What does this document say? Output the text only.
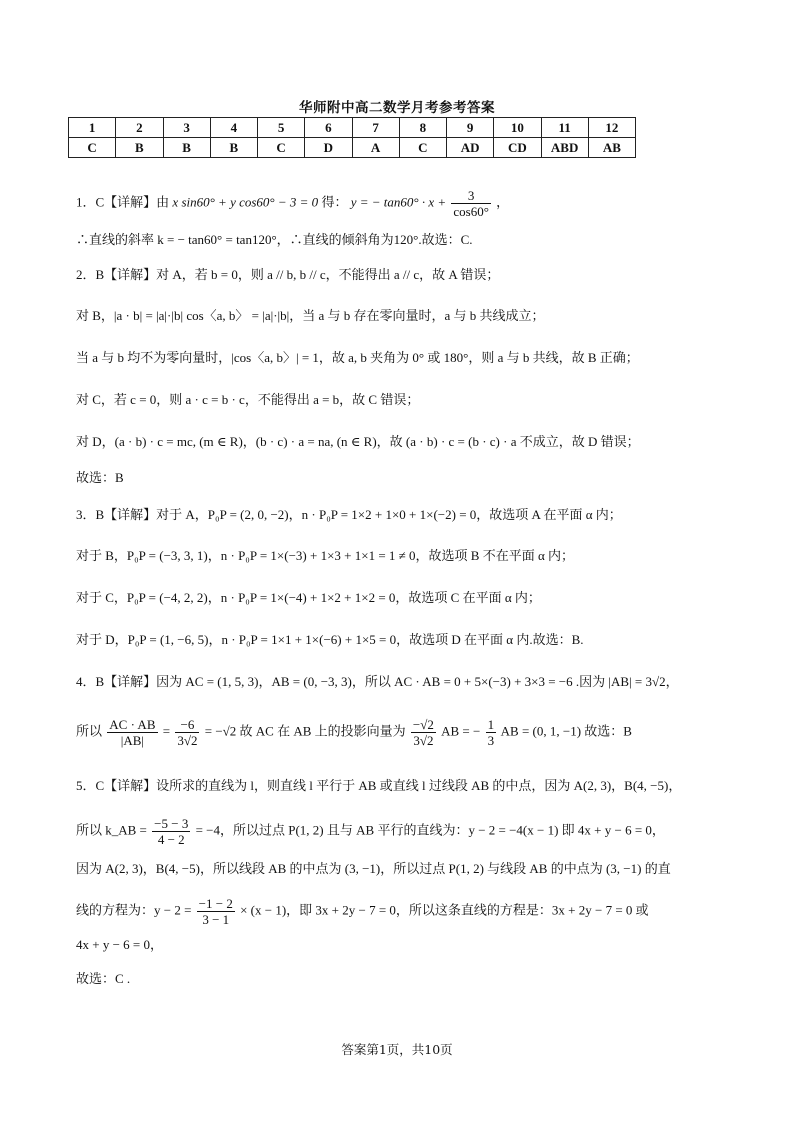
华师附中高二数学月考参考答案
1	2	3	4	5	6	7	8	9	10	11	12
C	B	B	B	C	D	A	C	AD	CD	ABD	AB
1．C【详解】由 x sin60° + y cos60° − 3 = 0 得： y = − $\tan 60^\circ \cdot x + \frac{3}{\cos 60^\circ}$ ，
∴直线的斜率 k = − tan60° = tan120°，∴直线的倾斜角为120°.故选：C.
2．B【详解】对 A，若 b = 0，则 a // b, b // c，不能得出 a // c，故 A 错误；
对 B，|a · b| = |a|·|b| cos〈a, b〉 = |a|·|b|，当 a 与 b 存在零向量时，a 与 b 共线成立；
当 a 与 b 均不为零向量时，|cos〈a, b〉| = 1，故 a, b 夹角为 0° 或 180°，则 a 与 b 共线，故 B 正确；
对 C，若 c = 0，则 a · c = b · c，不能得出 a = b，故 C 错误；
对 D，(a · b) · c = mc, (m ∈ R)，(b · c) · a = na, (n ∈ R)，故 (a · b) · c = (b · c) · a 不成立，故 D 错误；
故选：B
3．B【详解】对于 A，P₀P = (2, 0, −2)，n · P₀P = 1×2 + 1×0 + 1×(−2) = 0，故选项 A 在平面 α 内；
对于 B，P₀P = (−3, 3, 1)，n · P₀P = 1×(−3) + 1×3 + 1×1 = 1 ≠ 0，故选项 B 不在平面 α 内；
对于 C，P₀P = (−4, 2, 2)，n · P₀P = 1×(−4) + 1×2 + 1×2 = 0，故选项 C 在平面 α 内；
对于 D，P₀P = (1, −6, 5)，n · P₀P = 1×1 + 1×(−6) + 1×5 = 0，故选项 D 在平面 α 内.故选：B.
4．B【详解】因为 AC = (1, 5, 3)，AB = (0, −3, 3)，所以 AC · AB = 0 + 5×(−3) + 3×3 = −6 .因为 |AB| = 3√2，
所以 $\frac{AC \cdot AB}{|AB|} = \frac{-6}{3√2} = -√2$ 故 AC 在 AB 上的投影向量为 $\frac{-√2}{3√2}$ AB = − $\frac{1}{3}$ AB = (0, 1, −1) 故选：B
5．C【详解】设所求的直线为 l，则直线 l 平行于 AB 或直线 l 过线段 AB 的中点，因为 A(2, 3)，B(4, −5)，
所以 k_AB = $\frac{-5 - 3}{4 - 2} = -4$，所以过点 P(1, 2) 且与 AB 平行的直线为：y − 2 = −4(x − 1) 即 4x + y − 6 = 0，
因为 A(2, 3)，B(4, −5)，所以线段 AB 的中点为 (3, −1)，所以过点 P(1, 2) 与线段 AB 的中点为 (3, −1) 的直
线的方程为：$y - 2 = \frac{-1 - 2}{3 - 1} \times (x - 1)$，即 3x + 2y − 7 = 0，所以这条直线的方程是：3x + 2y − 7 = 0 或
4x + y − 6 = 0，
故选：C .
答案第1页，共10页
